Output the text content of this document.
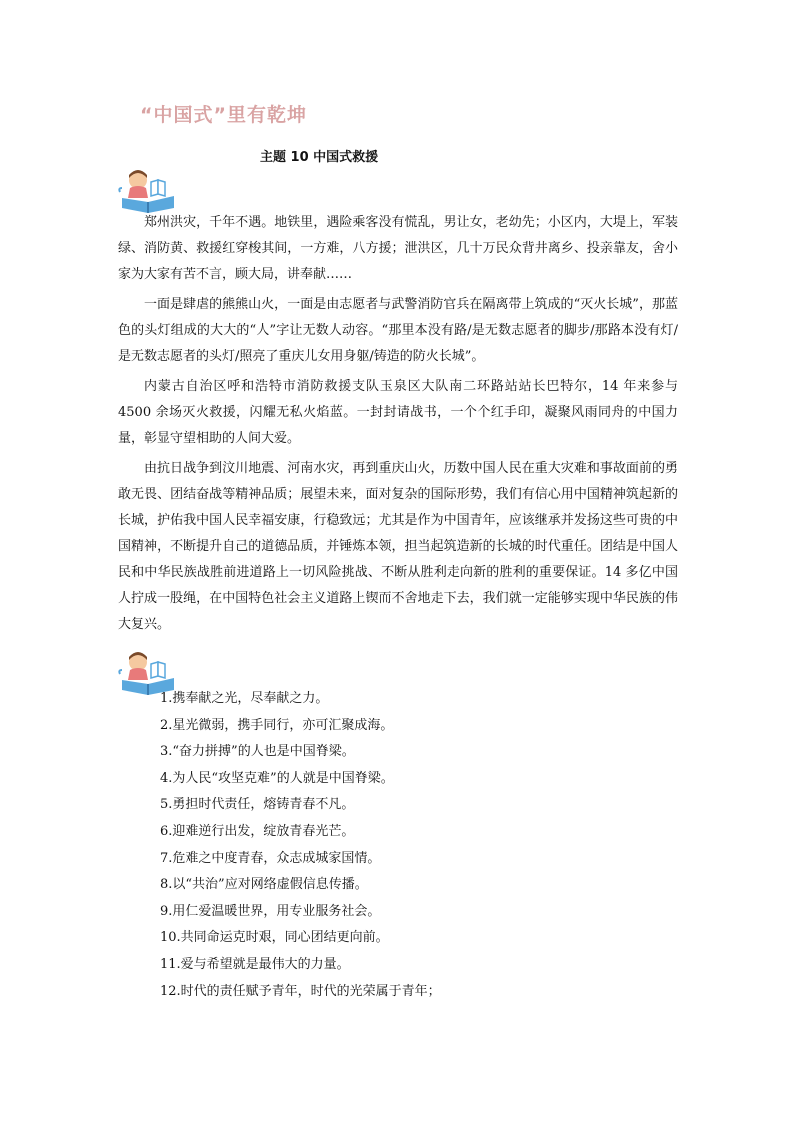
“中国式”里有乾坤
主题 10 中国式救援

郑州洪灾，千年不遇。地铁里，遇险乘客没有慌乱，男让女，老幼先；小区内，大堤上，军装绿、消防黄、救援红穿梭其间，一方难，八方援；泄洪区，几十万民众背井离乡、投亲靠友，舍小家为大家有苦不言，顾大局，讲奉献……

一面是肆虐的熊熊山火，一面是由志愿者与武警消防官兵在隔离带上筑成的“灭火长城”，那蓝色的头灯组成的大大的“人”字让无数人动容。“那里本没有路/是无数志愿者的脚步/那路本没有灯/是无数志愿者的头灯/照亮了重庆儿女用身躯/铸造的防火长城”。

内蒙古自治区呼和浩特市消防救援支队玉泉区大队南二环路站站长巴特尔，14 年来参与 4500 余场灭火救援，闪耀无私火焰蓝。一封封请战书，一个个红手印，凝聚风雨同舟的中国力量，彰显守望相助的人间大爱。

由抗日战争到汶川地震、河南水灾，再到重庆山火，历数中国人民在重大灾难和事故面前的勇敢无畏、团结奋战等精神品质；展望未来，面对复杂的国际形势，我们有信心用中国精神筑起新的长城，护佑我中国人民幸福安康，行稳致远；尤其是作为中国青年，应该继承并发扬这些可贵的中国精神，不断提升自己的道德品质，并锤炼本领，担当起筑造新的长城的时代重任。团结是中国人民和中华民族战胜前进道路上一切风险挑战、不断从胜利走向新的胜利的重要保证。14 多亿中国人拧成一股绳，在中国特色社会主义道路上锲而不舍地走下去，我们就一定能够实现中华民族的伟大复兴。

1.携奉献之光，尽奉献之力。
2.星光微弱，携手同行，亦可汇聚成海。
3.“奋力拼搏”的人也是中国脊梁。
4.为人民“攻坚克难”的人就是中国脊梁。
5.勇担时代责任，熔铸青春不凡。
6.迎难逆行出发，绽放青春光芒。
7.危难之中度青春，众志成城家国情。
8.以“共治”应对网络虚假信息传播。
9.用仁爱温暖世界，用专业服务社会。
10.共同命运克时艰，同心团结更向前。
11.爱与希望就是最伟大的力量。
12.时代的责任赋予青年，时代的光荣属于青年；
